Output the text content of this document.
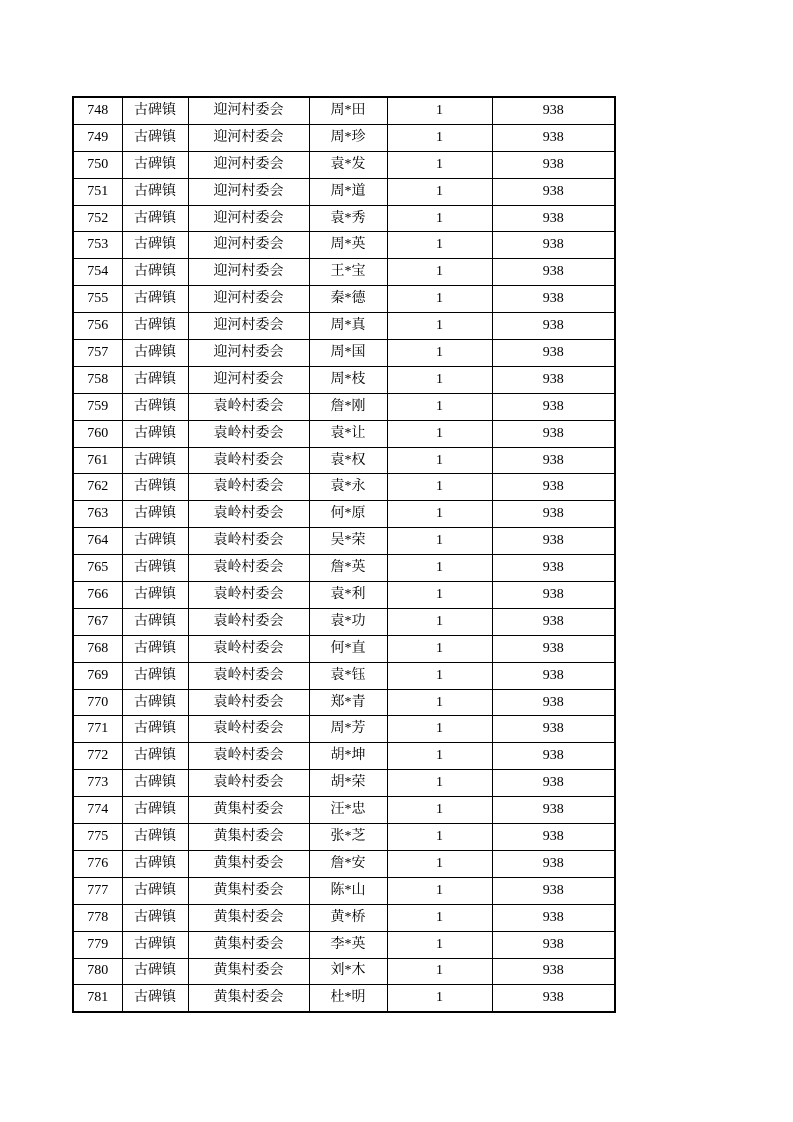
748	古碑镇	迎河村委会	周*田	1	938
749	古碑镇	迎河村委会	周*珍	1	938
750	古碑镇	迎河村委会	袁*发	1	938
751	古碑镇	迎河村委会	周*道	1	938
752	古碑镇	迎河村委会	袁*秀	1	938
753	古碑镇	迎河村委会	周*英	1	938
754	古碑镇	迎河村委会	王*宝	1	938
755	古碑镇	迎河村委会	秦*德	1	938
756	古碑镇	迎河村委会	周*真	1	938
757	古碑镇	迎河村委会	周*国	1	938
758	古碑镇	迎河村委会	周*枝	1	938
759	古碑镇	袁岭村委会	詹*刚	1	938
760	古碑镇	袁岭村委会	袁*让	1	938
761	古碑镇	袁岭村委会	袁*权	1	938
762	古碑镇	袁岭村委会	袁*永	1	938
763	古碑镇	袁岭村委会	何*原	1	938
764	古碑镇	袁岭村委会	吴*荣	1	938
765	古碑镇	袁岭村委会	詹*英	1	938
766	古碑镇	袁岭村委会	袁*利	1	938
767	古碑镇	袁岭村委会	袁*功	1	938
768	古碑镇	袁岭村委会	何*直	1	938
769	古碑镇	袁岭村委会	袁*钰	1	938
770	古碑镇	袁岭村委会	郑*青	1	938
771	古碑镇	袁岭村委会	周*芳	1	938
772	古碑镇	袁岭村委会	胡*坤	1	938
773	古碑镇	袁岭村委会	胡*荣	1	938
774	古碑镇	黄集村委会	汪*忠	1	938
775	古碑镇	黄集村委会	张*芝	1	938
776	古碑镇	黄集村委会	詹*安	1	938
777	古碑镇	黄集村委会	陈*山	1	938
778	古碑镇	黄集村委会	黄*桥	1	938
779	古碑镇	黄集村委会	李*英	1	938
780	古碑镇	黄集村委会	刘*木	1	938
781	古碑镇	黄集村委会	杜*明	1	938
